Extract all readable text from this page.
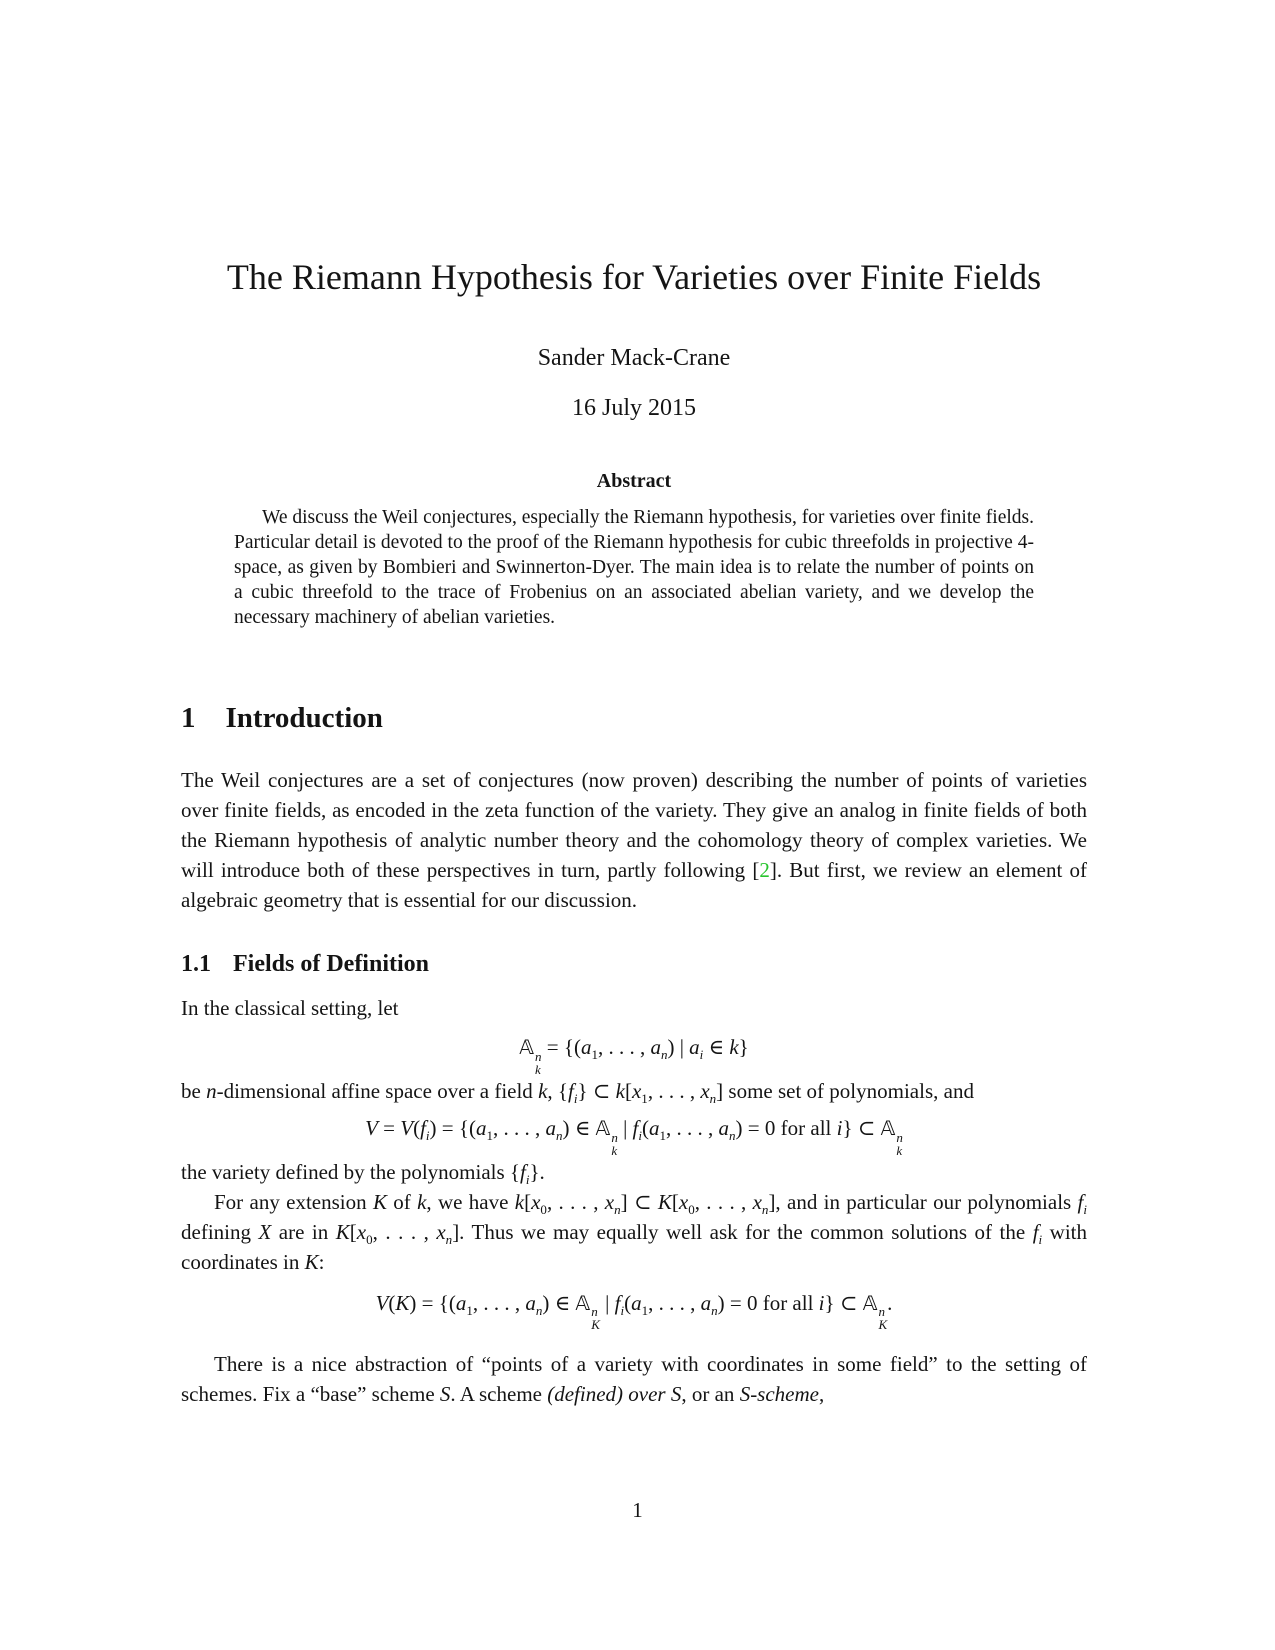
The Riemann Hypothesis for Varieties over Finite Fields
Sander Mack-Crane
16 July 2015
Abstract

We discuss the Weil conjectures, especially the Riemann hypothesis, for varieties over finite fields. Particular detail is devoted to the proof of the Riemann hypothesis for cubic threefolds in projective 4-space, as given by Bombieri and Swinnerton-Dyer. The main idea is to relate the number of points on a cubic threefold to the trace of Frobenius on an associated abelian variety, and we develop the necessary machinery of abelian varieties.

1 Introduction

The Weil conjectures are a set of conjectures (now proven) describing the number of points of varieties over finite fields, as encoded in the zeta function of the variety. They give an analog in finite fields of both the Riemann hypothesis of analytic number theory and the cohomology theory of complex varieties. We will introduce both of these perspectives in turn, partly following [2]. But first, we review an element of algebraic geometry that is essential for our discussion.

1.1 Fields of Definition

In the classical setting, let

𝔸 n
k
= {($a_1$, . . . , $a_n$) | $a_i$ ∈ k}

be n-dimensional affine space over a field k, $\{f_i\}$ ⊂ $k[x_1$, . . . , $x_n$] some set of polynomials, and

$V = V(f_i) = \{(a_1$, . . . , $a_n$) ∈ 𝔸 n
k
| $f_i(a_1$, . . . , $a_n) = 0$ for all i} ⊂ 𝔸 n
k

the variety defined by the polynomials $\{f_i\}$.

For any extension K of k, we have $k[x_0$, . . . , $x_n$] ⊂ $K[x_0$, . . . , $x_n$], and in particular our polynomials $f_i$ defining X are in $K[x_0$, . . . , $x_n$]. Thus we may equally well ask for the common solutions of the $f_i$ with coordinates in K:

$V(K) = \{(a_1$, . . . , $a_n$) ∈ 𝔸 n
K
| $f_i(a_1$, . . . , $a_n) = 0$ for all i} ⊂ 𝔸 n
K
.

There is a nice abstraction of “points of a variety with coordinates in some field” to the setting of schemes. Fix a “base” scheme S. A scheme (defined) over S, or an S-scheme,

1
